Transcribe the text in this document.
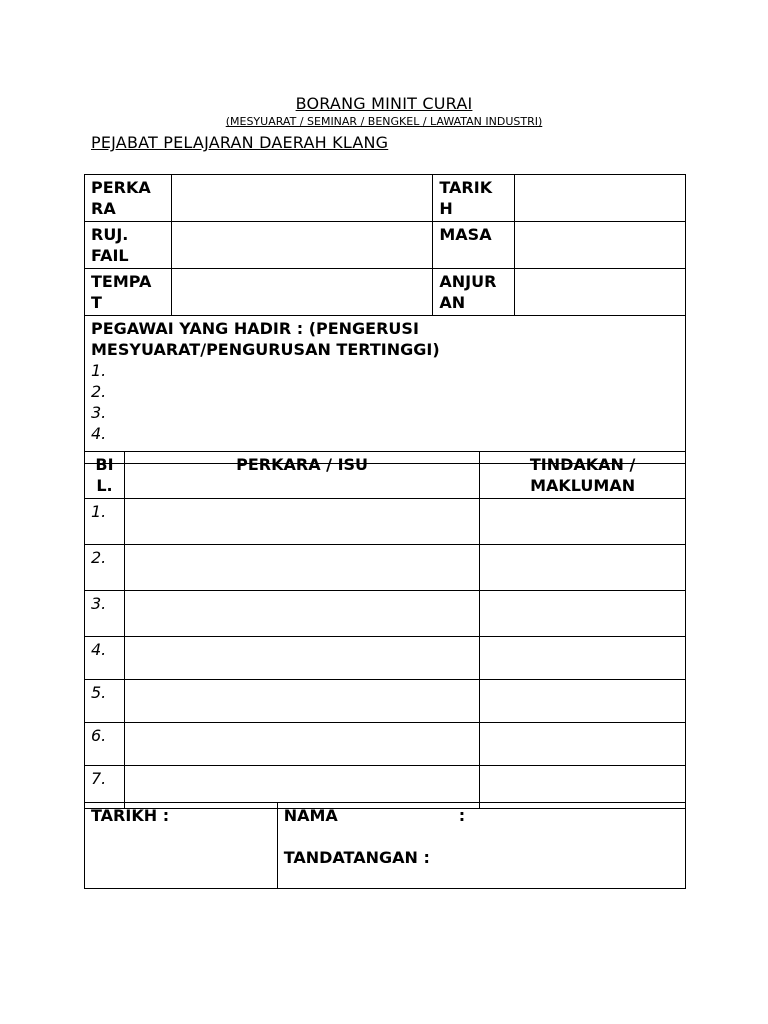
BORANG MINIT CURAI
(MESYUARAT / SEMINAR / BENGKEL / LAWATAN INDUSTRI)
PEJABAT PELAJARAN DAERAH KLANG
PERKARA		TARIKH	

RUJ. FAIL		MASA	

TEMPAT		ANJURAN	

PEGAWAI YANG HADIR : (PENGERUSI MESYUARAT/PENGURUSAN TERTINGGI)
1.
2.
3.
4.			
BIL.	PERKARA / ISU	TINDAKAN / MAKLUMAN

1.		
2.		
3.		
4.		
5.		
6.		
7.		
TARIKH :	NAMA	:
TANDATANGAN :
